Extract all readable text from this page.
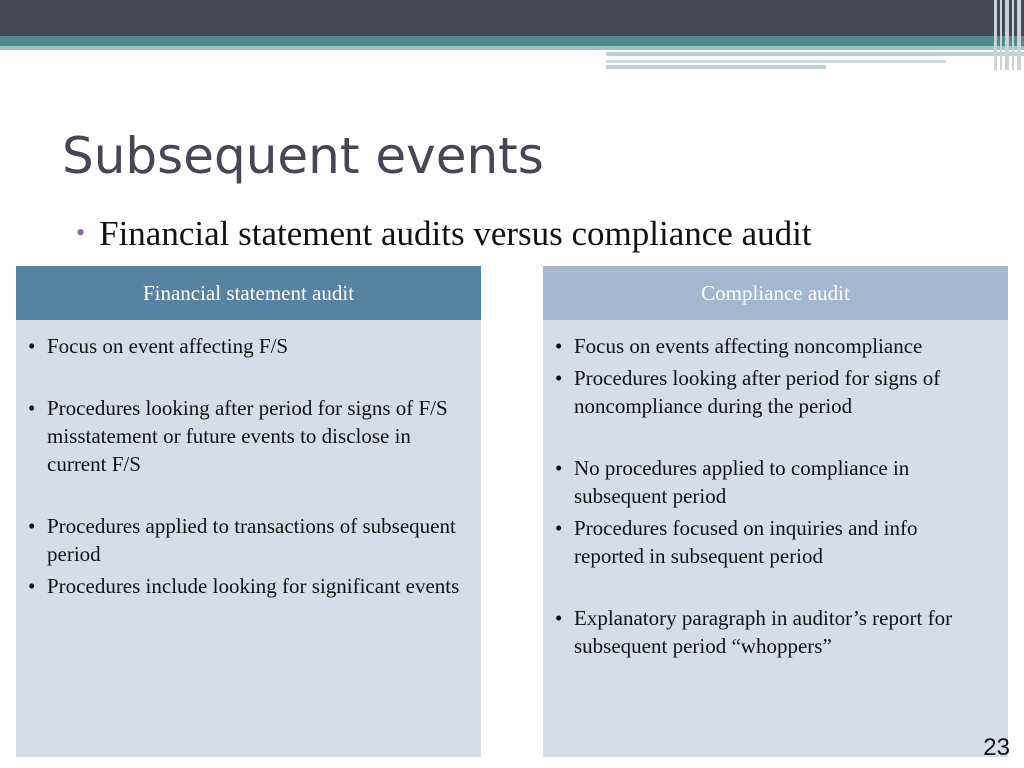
Subsequent events

• Financial statement audits versus compliance audit

Financial statement audit
• Focus on event affecting F/S
• Procedures looking after period for signs of F/S misstatement or future events to disclose in current F/S
• Procedures applied to transactions of subsequent period
• Procedures include looking for significant events
Compliance audit
• Focus on events affecting noncompliance
• Procedures looking after period for signs of noncompliance during the period
• No procedures applied to compliance in subsequent period
• Procedures focused on inquiries and info reported in subsequent period
• Explanatory paragraph in auditor’s report for subsequent period “whoppers”
23
